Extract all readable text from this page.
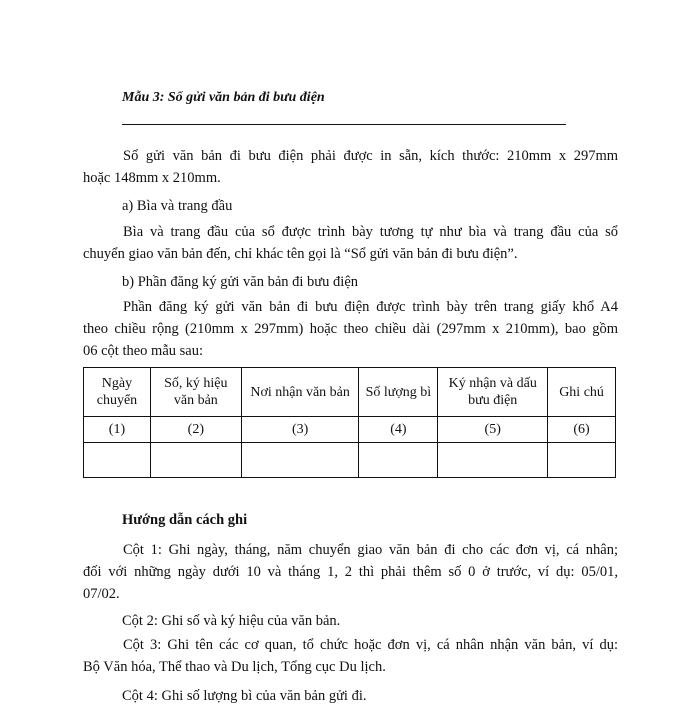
Mẫu 3: Sổ gửi văn bản đi bưu điện
Sổ gửi văn bản đi bưu điện phải được in sẵn, kích thước: 210mm x 297mm
hoặc 148mm x 210mm.
a) Bìa và trang đầu
Bìa và trang đầu của sổ được trình bày tương tự như bìa và trang đầu của sổ
chuyển giao văn bản đến, chỉ khác tên gọi là “Sổ gửi văn bản đi bưu điện”.
b) Phần đăng ký gửi văn bản đi bưu điện
Phần đăng ký gửi văn bản đi bưu điện được trình bày trên trang giấy khổ A4
theo chiều rộng (210mm x 297mm) hoặc theo chiều dài (297mm x 210mm), bao gồm
06 cột theo mẫu sau:
Ngày chuyển	Số, ký hiệu văn bản	Nơi nhận văn bản	Số lượng bì	Ký nhận và dấu bưu điện	Ghi chú
(1)	(2)	(3)	(4)	(5)	(6)

Hướng dẫn cách ghi
Cột 1: Ghi ngày, tháng, năm chuyển giao văn bản đi cho các đơn vị, cá nhân;
đối với những ngày dưới 10 và tháng 1, 2 thì phải thêm số 0 ở trước, ví dụ: 05/01,
07/02.
Cột 2: Ghi số và ký hiệu của văn bản.
Cột 3: Ghi tên các cơ quan, tổ chức hoặc đơn vị, cá nhân nhận văn bản, ví dụ:
Bộ Văn hóa, Thể thao và Du lịch, Tổng cục Du lịch.
Cột 4: Ghi số lượng bì của văn bản gửi đi.
